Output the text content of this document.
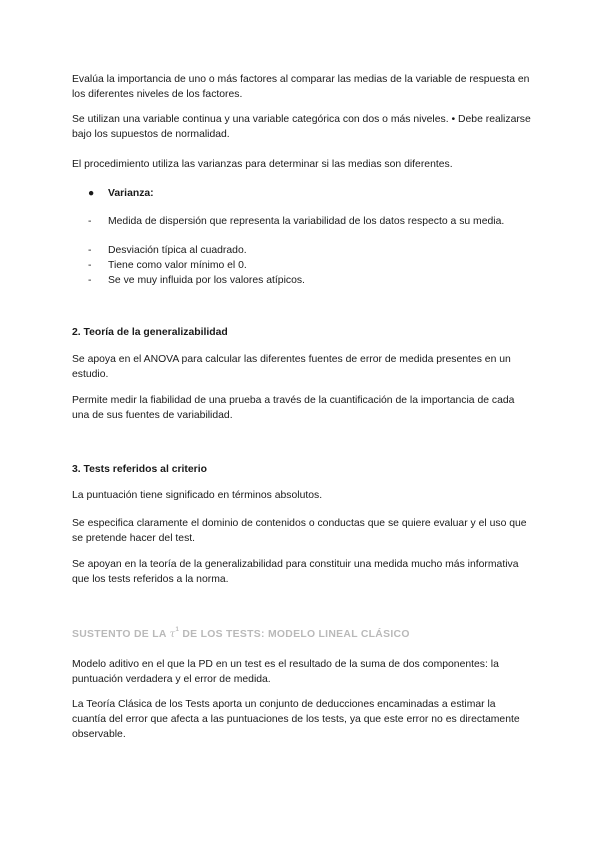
Evalúa la importancia de uno o más factores al comparar las medias de la variable de respuesta en los diferentes niveles de los factores.

Se utilizan una variable continua y una variable categórica con dos o más niveles. • Debe realizarse bajo los supuestos de normalidad.

El procedimiento utiliza las varianzas para determinar si las medias son diferentes.

● Varianza:
- Medida de dispersión que representa la variabilidad de los datos respecto a su media.
- Desviación típica al cuadrado.
- Tiene como valor mínimo el 0.
- Se ve muy influida por los valores atípicos.

2. Teoría de la generalizabilidad

Se apoya en el ANOVA para calcular las diferentes fuentes de error de medida presentes en un estudio.

Permite medir la fiabilidad de una prueba a través de la cuantificación de la importancia de cada una de sus fuentes de variabilidad.

3. Tests referidos al criterio

La puntuación tiene significado en términos absolutos.

Se especifica claramente el dominio de contenidos o conductas que se quiere evaluar y el uso que se pretende hacer del test.

Se apoyan en la teoría de la generalizabilidad para constituir una medida mucho más informativa que los tests referidos a la norma.

SUSTENTO DE LA $\tau^1$ DE LOS TESTS: MODELO LINEAL CLÁSICO

Modelo aditivo en el que la PD en un test es el resultado de la suma de dos componentes: la puntuación verdadera y el error de medida.

La Teoría Clásica de los Tests aporta un conjunto de deducciones encaminadas a estimar la cuantía del error que afecta a las puntuaciones de los tests, ya que este error no es directamente observable.
